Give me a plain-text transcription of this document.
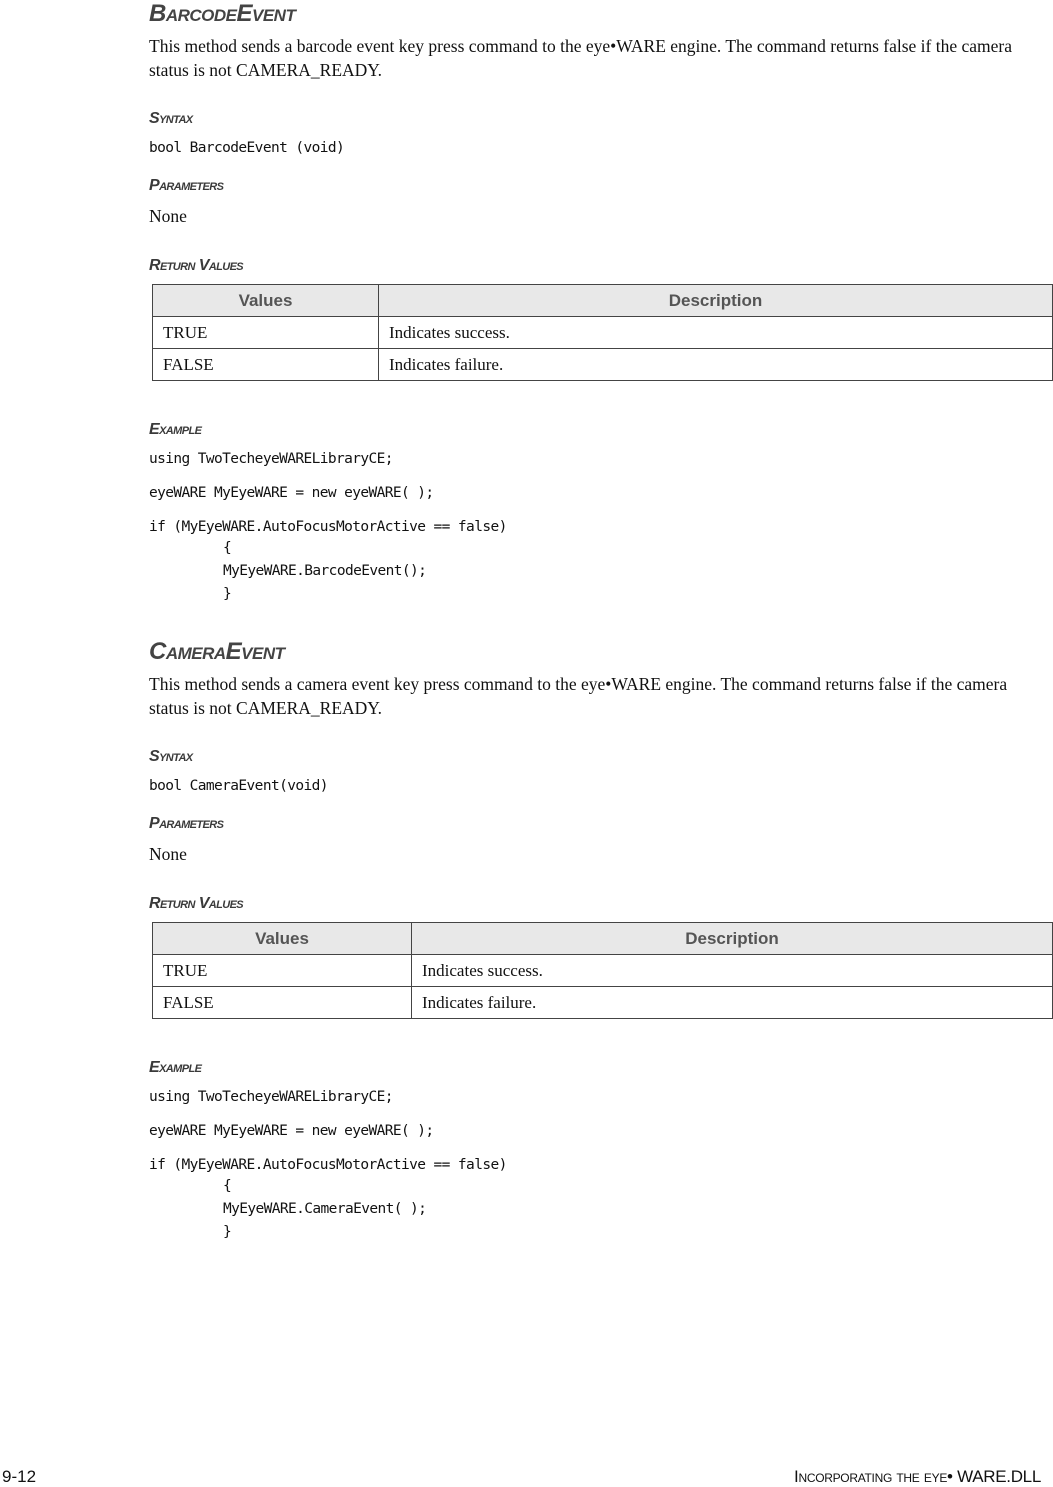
BarcodeEvent
This method sends a barcode event key press command to the eye•WARE engine. The command returns false if the camera status is not CAMERA_READY.
Syntax
bool BarcodeEvent (void)
Parameters
None
Return Values
Values	Description
TRUE	Indicates success.
FALSE	Indicates failure.
Example
using TwoTecheyeWARELibraryCE;
eyeWARE MyEyeWARE = new eyeWARE( );
if (MyEyeWARE.AutoFocusMotorActive == false)
{
MyEyeWARE.BarcodeEvent();
}
CameraEvent
This method sends a camera event key press command to the eye•WARE engine. The command returns false if the camera status is not CAMERA_READY.
Syntax
bool CameraEvent(void)
Parameters
None
Return Values
Values	Description
TRUE	Indicates success.
FALSE	Indicates failure.
Example
using TwoTecheyeWARELibraryCE;
eyeWARE MyEyeWARE = new eyeWARE( );
if (MyEyeWARE.AutoFocusMotorActive == false)
{
MyEyeWARE.CameraEvent( );
}
9-12	Incorporating the eye• WARE.DLL
